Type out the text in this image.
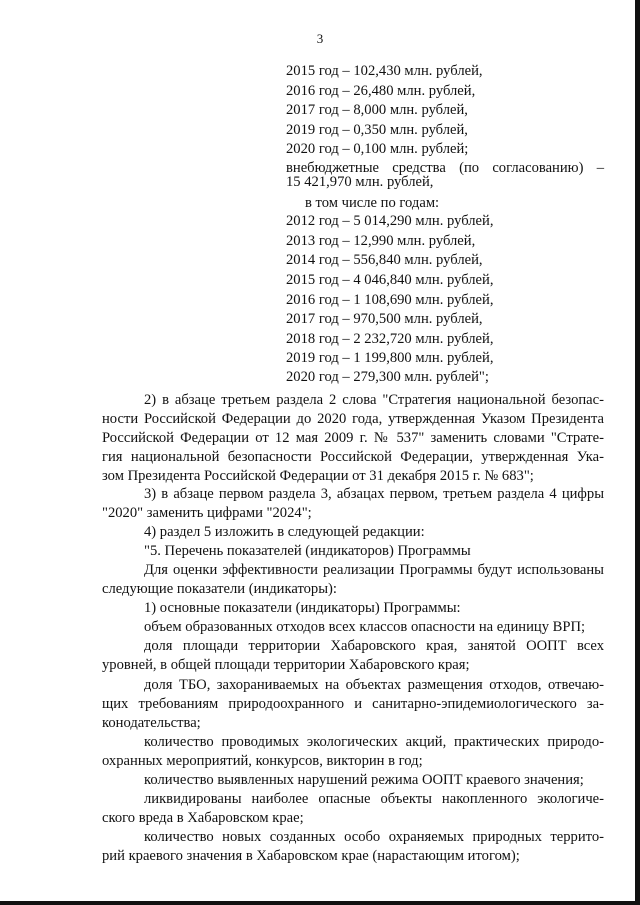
3
2015 год – 102,430 млн. рублей,
2016 год – 26,480 млн. рублей,
2017 год – 8,000 млн. рублей,
2019 год – 0,350 млн. рублей,
2020 год – 0,100 млн. рублей;
внебюджетные средства (по согласованию) –
15 421,970 млн. рублей,
в том числе по годам:
2012 год – 5 014,290 млн. рублей,
2013 год – 12,990 млн. рублей,
2014 год – 556,840 млн. рублей,
2015 год – 4 046,840 млн. рублей,
2016 год – 1 108,690 млн. рублей,
2017 год – 970,500 млн. рублей,
2018 год – 2 232,720 млн. рублей,
2019 год – 1 199,800 млн. рублей,
2020 год – 279,300 млн. рублей";
2) в абзаце третьем раздела 2 слова "Стратегия национальной безопас-
ности Российской Федерации до 2020 года, утвержденная Указом Президента
Российской Федерации от 12 мая 2009 г. № 537" заменить словами "Страте-
гия национальной безопасности Российской Федерации, утвержденная Ука-
зом Президента Российской Федерации от 31 декабря 2015 г. № 683";
3) в абзаце первом раздела 3, абзацах первом, третьем раздела 4 цифры
"2020" заменить цифрами "2024";
4) раздел 5 изложить в следующей редакции:
"5. Перечень показателей (индикаторов) Программы
Для оценки эффективности реализации Программы будут использованы
следующие показатели (индикаторы):
1) основные показатели (индикаторы) Программы:
объем образованных отходов всех классов опасности на единицу ВРП;
доля площади территории Хабаровского края, занятой ООПТ всех
уровней, в общей площади территории Хабаровского края;
доля ТБО, захораниваемых на объектах размещения отходов, отвечаю-
щих требованиям природоохранного и санитарно-эпидемиологического за-
конодательства;
количество проводимых экологических акций, практических природо-
охранных мероприятий, конкурсов, викторин в год;
количество выявленных нарушений режима ООПТ краевого значения;
ликвидированы наиболее опасные объекты накопленного экологиче-
ского вреда в Хабаровском крае;
количество новых созданных особо охраняемых природных террито-
рий краевого значения в Хабаровском крае (нарастающим итогом);
